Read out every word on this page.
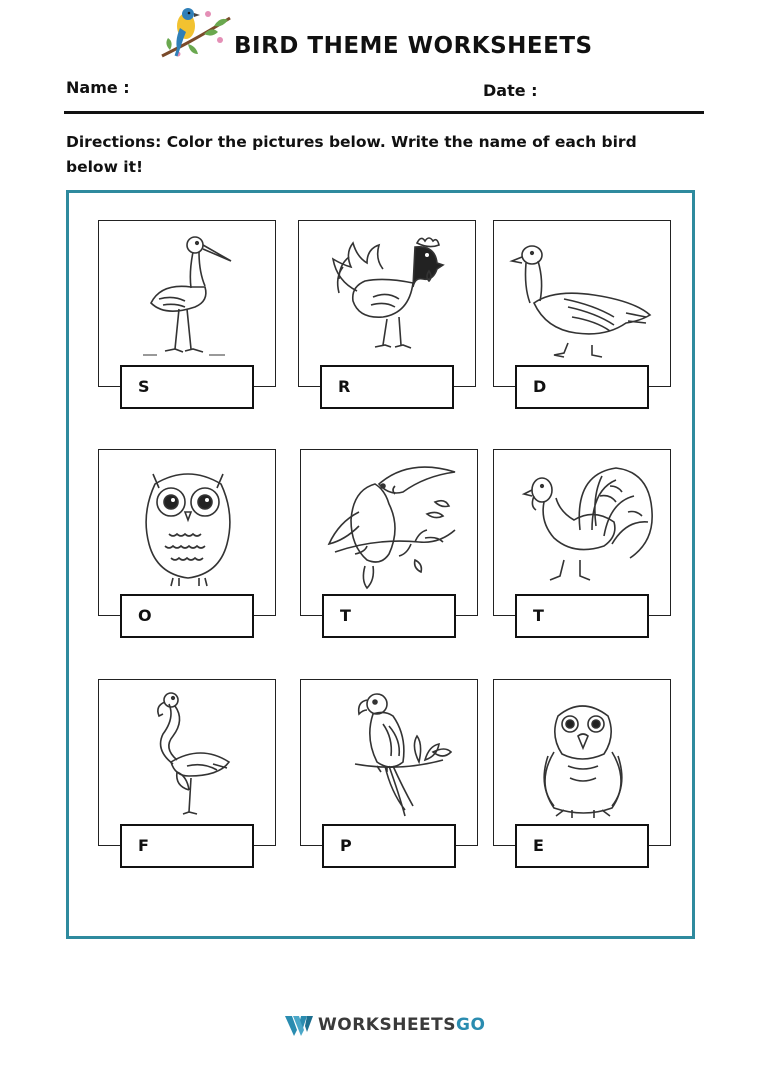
BIRD THEME WORKSHEETS
Name :	Date :
Directions: Color the pictures below. Write the name of each bird below it!
S	R	D
O	T	T
F	P	E
WORKSHEETSGO
